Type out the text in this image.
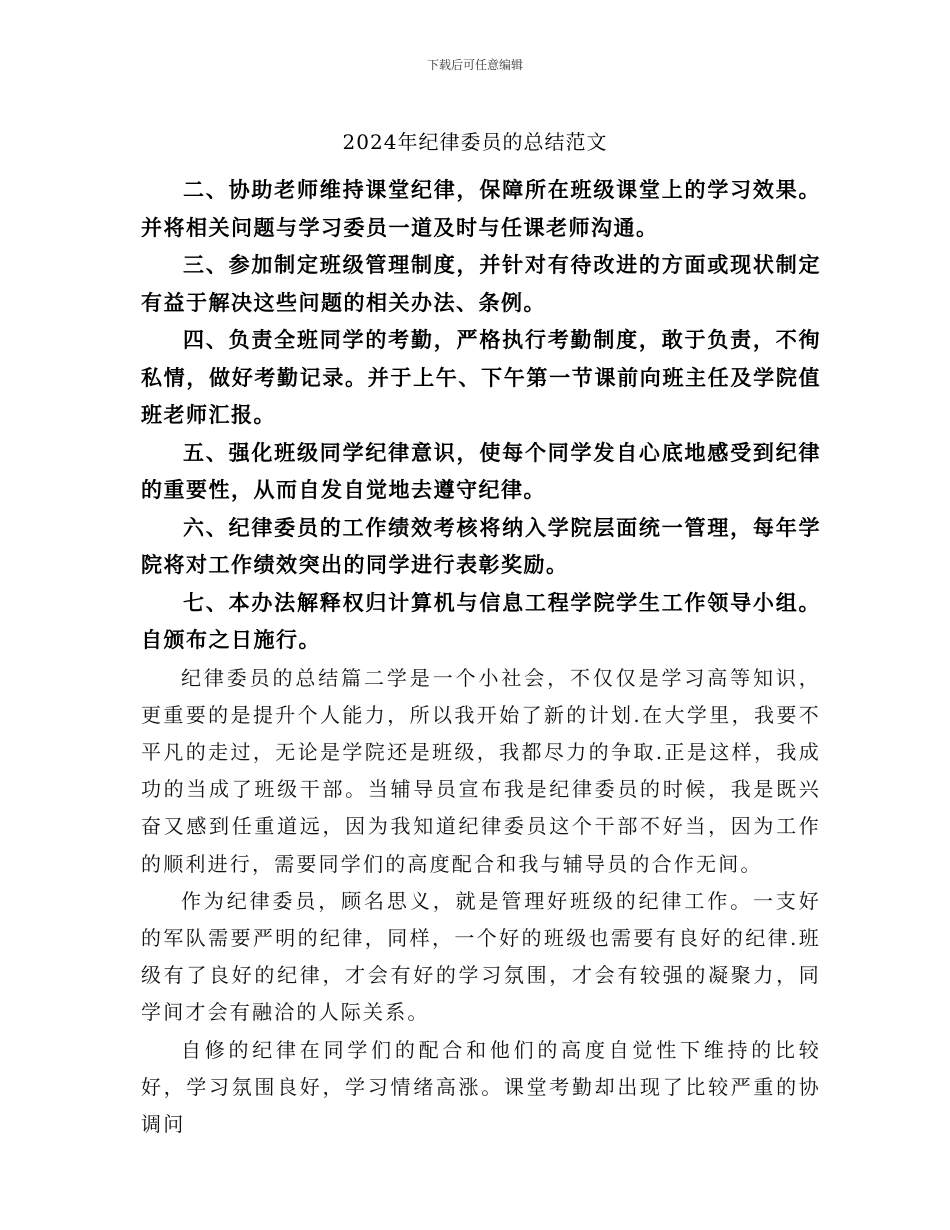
下载后可任意编辑
2024年纪律委员的总结范文

二、协助老师维持课堂纪律，保障所在班级课堂上的学习效果。并将相关问题与学习委员一道及时与任课老师沟通。

三、参加制定班级管理制度，并针对有待改进的方面或现状制定有益于解决这些问题的相关办法、条例。

四、负责全班同学的考勤，严格执行考勤制度，敢于负责，不徇私情，做好考勤记录。并于上午、下午第一节课前向班主任及学院值班老师汇报。

五、强化班级同学纪律意识，使每个同学发自心底地感受到纪律的重要性，从而自发自觉地去遵守纪律。

六、纪律委员的工作绩效考核将纳入学院层面统一管理，每年学院将对工作绩效突出的同学进行表彰奖励。

七、本办法解释权归计算机与信息工程学院学生工作领导小组。自颁布之日施行。

纪律委员的总结篇二学是一个小社会，不仅仅是学习高等知识，更重要的是提升个人能力，所以我开始了新的计划.在大学里，我要不平凡的走过，无论是学院还是班级，我都尽力的争取.正是这样，我成功的当成了班级干部。当辅导员宣布我是纪律委员的时候，我是既兴奋又感到任重道远，因为我知道纪律委员这个干部不好当，因为工作的顺利进行，需要同学们的高度配合和我与辅导员的合作无间。

作为纪律委员，顾名思义，就是管理好班级的纪律工作。一支好的军队需要严明的纪律，同样，一个好的班级也需要有良好的纪律.班级有了良好的纪律，才会有好的学习氛围，才会有较强的凝聚力，同学间才会有融洽的人际关系。

自修的纪律在同学们的配合和他们的高度自觉性下维持的比较好，学习氛围良好，学习情绪高涨。课堂考勤却出现了比较严重的协调问
